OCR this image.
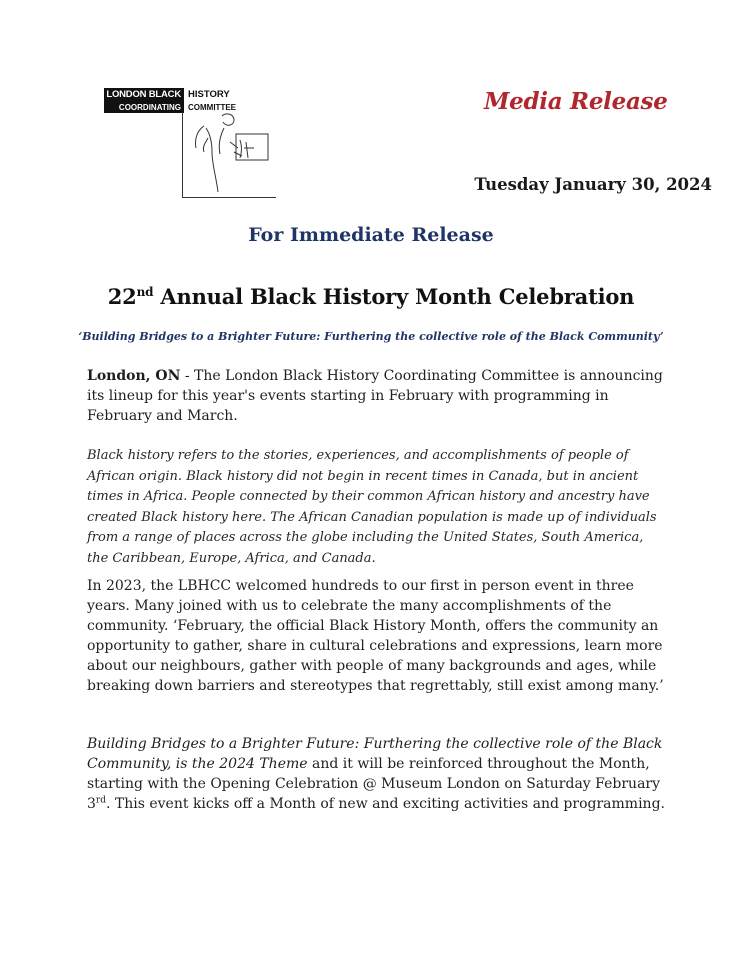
LONDON BLACK
COORDINATING
HISTORY
COMMITTEE	Media Release
Tuesday January 30, 2024
For Immediate Release
22nd Annual Black History Month Celebration
‘Building Bridges to a Brighter Future: Furthering the collective role of the Black Community’
London, ON - The London Black History Coordinating Committee is announcing its lineup for this year's events starting in February with programming in February and March.
Black history refers to the stories, experiences, and accomplishments of people of African origin. Black history did not begin in recent times in Canada, but in ancient times in Africa. People connected by their common African history and ancestry have created Black history here. The African Canadian population is made up of individuals from a range of places across the globe including the United States, South America, the Caribbean, Europe, Africa, and Canada.
In 2023, the LBHCC welcomed hundreds to our first in person event in three years. Many joined with us to celebrate the many accomplishments of the community. ‘February, the official Black History Month, offers the community an opportunity to gather, share in cultural celebrations and expressions, learn more about our neighbours, gather with people of many backgrounds and ages, while breaking down barriers and stereotypes that regrettably, still exist among many.’
Building Bridges to a Brighter Future: Furthering the collective role of the Black Community, is the 2024 Theme and it will be reinforced throughout the Month, starting with the Opening Celebration @ Museum London on Saturday February 3rd. This event kicks off a Month of new and exciting activities and programming.
